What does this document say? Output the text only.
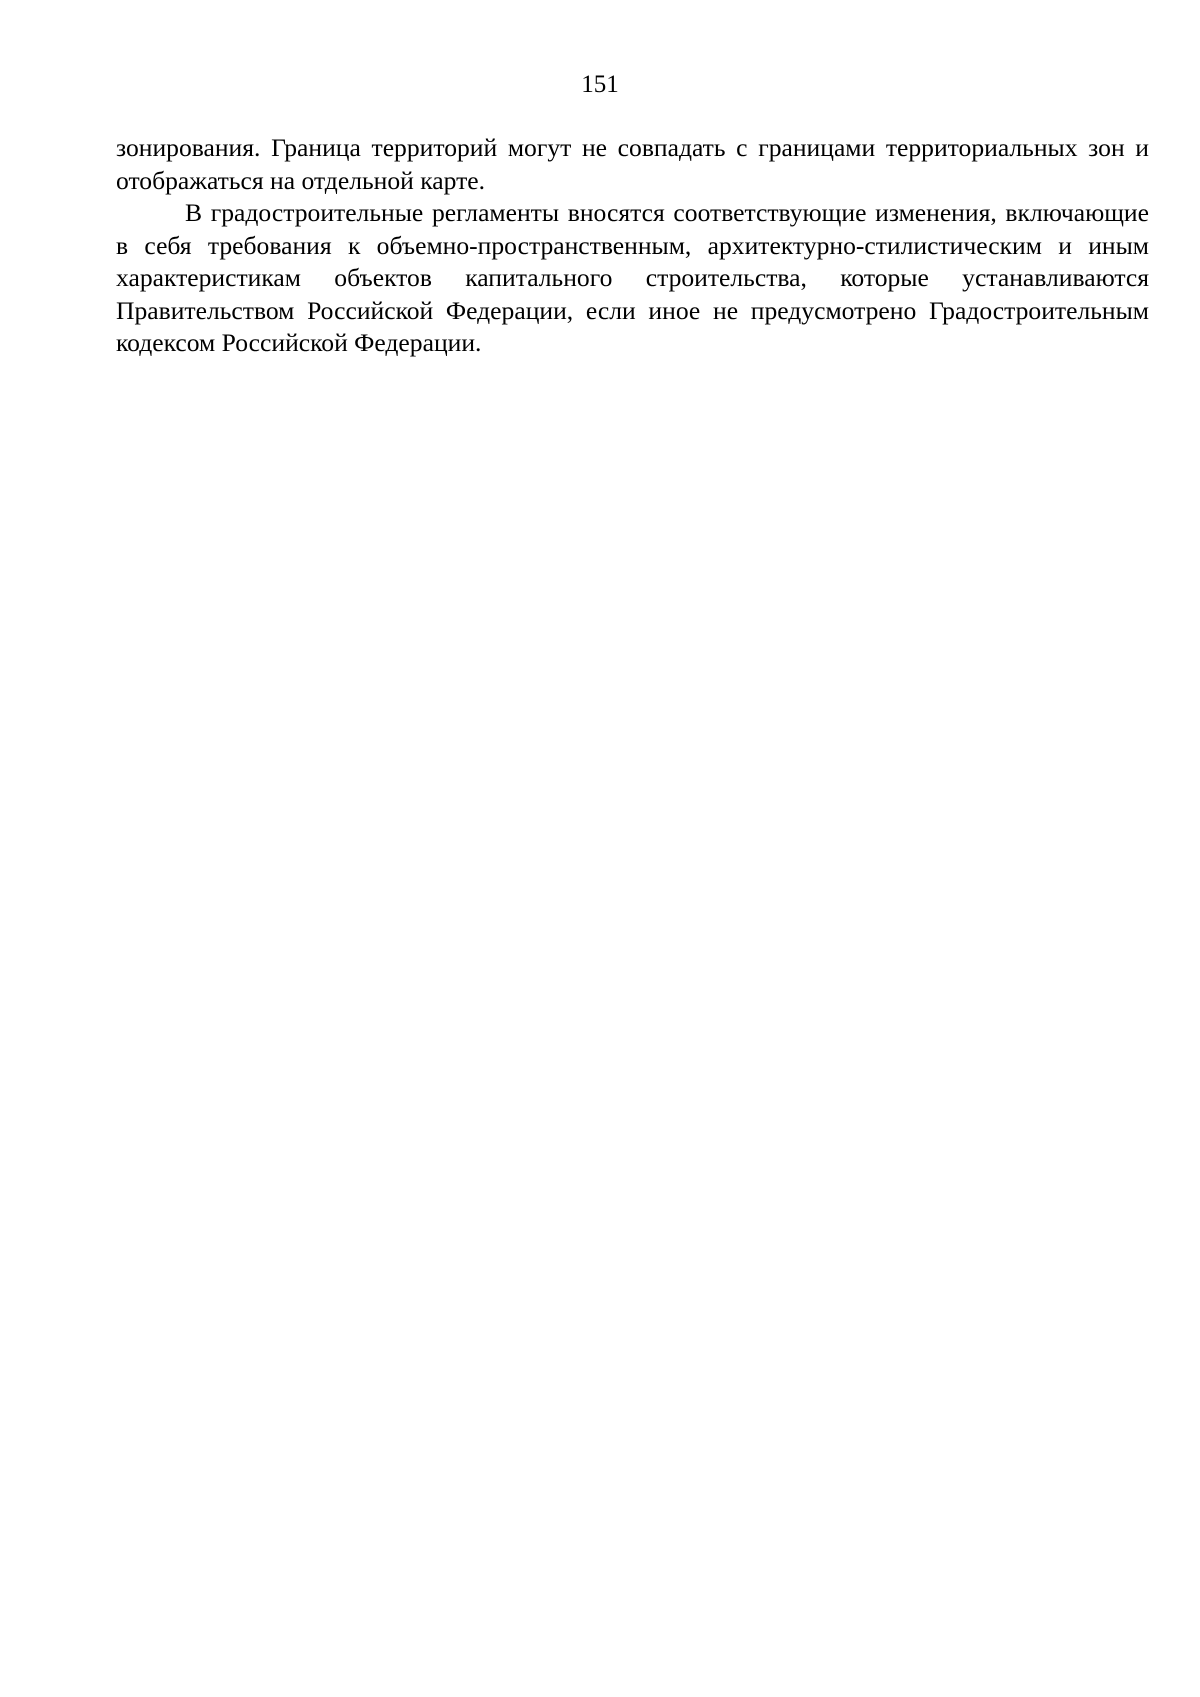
151

зонирования. Граница территорий могут не совпадать с границами территориальных зон и отображаться на отдельной карте.

В градостроительные регламенты вносятся соответствующие изменения, включающие в себя требования к объемно-пространственным, архитектурно-стилистическим и иным характеристикам объектов капитального строительства, которые устанавливаются Правительством Российской Федерации, если иное не предусмотрено Градостроительным кодексом Российской Федерации.
